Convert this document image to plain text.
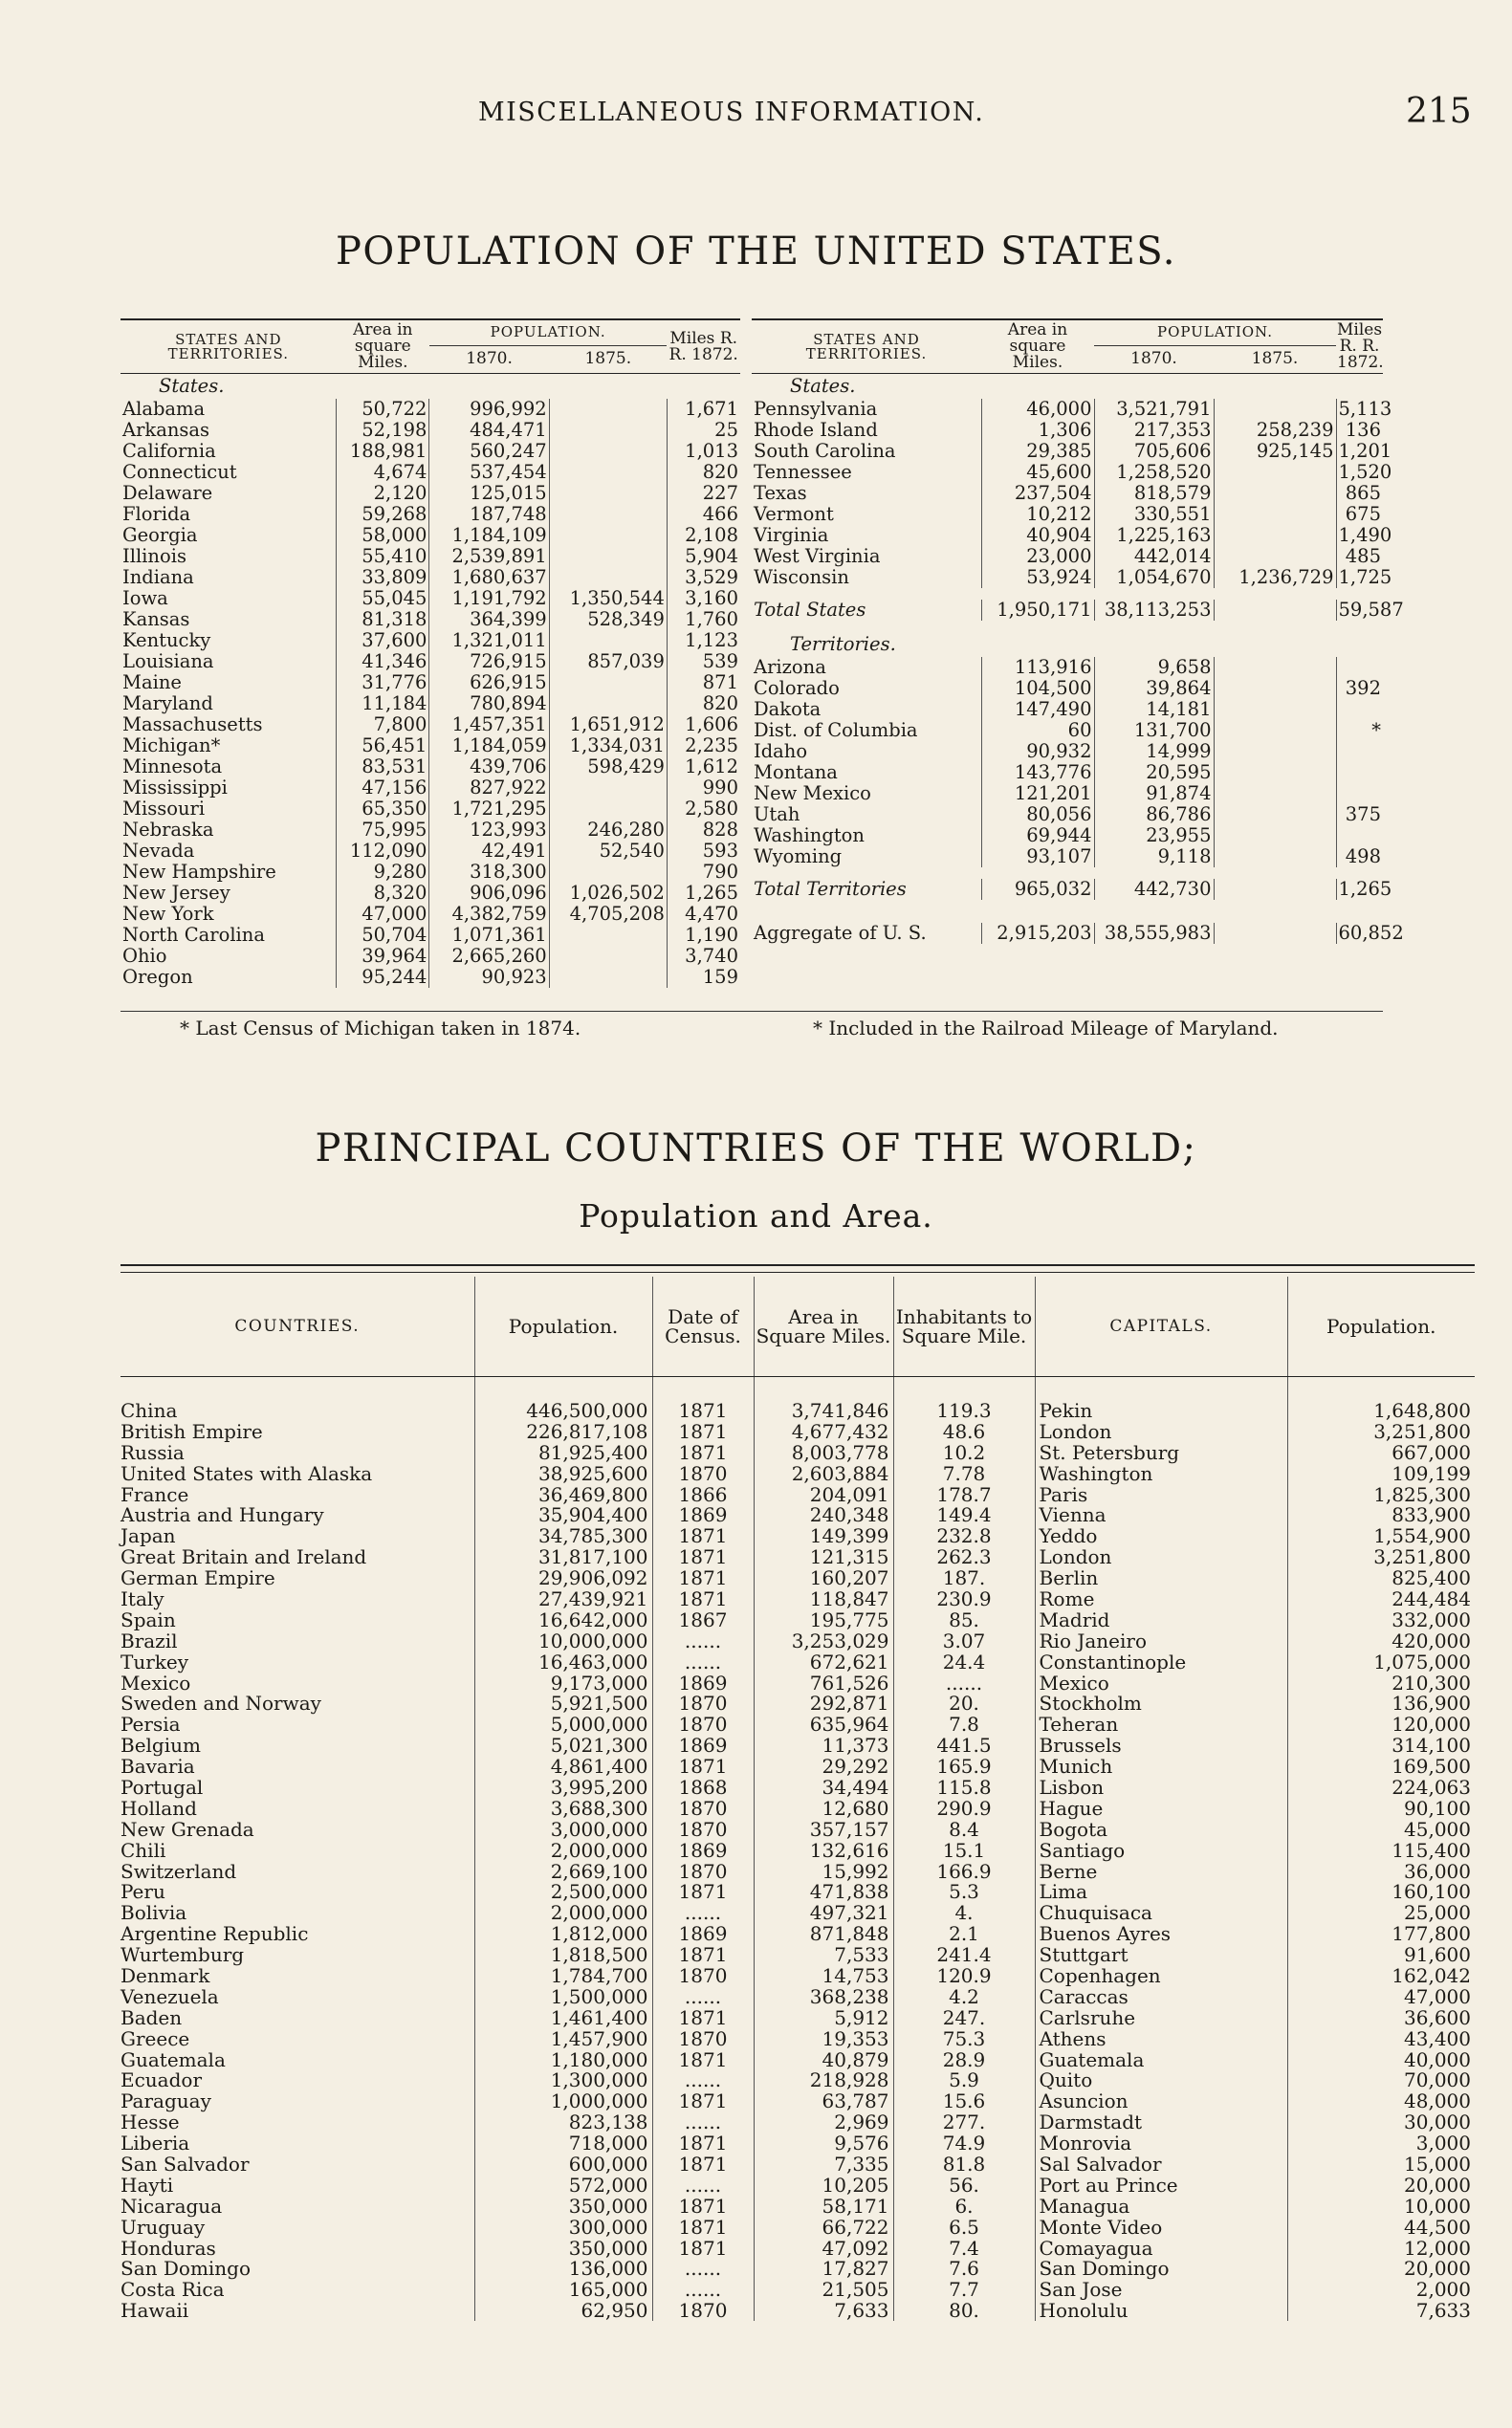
MISCELLANEOUS INFORMATION.	215
POPULATION OF THE UNITED STATES.
STATES AND TERRITORIES.	Area in square Miles.	POPULATION.		Miles R. R. 1872.
		1870.	1875.	
States.				
Alabama	50,722	996,992		1,671
Arkansas	52,198	484,471		25
California	188,981	560,247		1,013
Connecticut	4,674	537,454		820
Delaware	2,120	125,015		227
Florida	59,268	187,748		466
Georgia	58,000	1,184,109		2,108
Illinois	55,410	2,539,891		5,904
Indiana	33,809	1,680,637		3,529
Iowa	55,045	1,191,792	1,350,544	3,160
Kansas	81,318	364,399	528,349	1,760
Kentucky	37,600	1,321,011		1,123
Louisiana	41,346	726,915	857,039	539
Maine	31,776	626,915		871
Maryland	11,184	780,894		820
Massachusetts	7,800	1,457,351	1,651,912	1,606
Michigan*	56,451	1,184,059	1,334,031	2,235
Minnesota	83,531	439,706	598,429	1,612
Mississippi	47,156	827,922		990
Missouri	65,350	1,721,295		2,580
Nebraska	75,995	123,993	246,280	828
Nevada	112,090	42,491	52,540	593
New Hampshire	9,280	318,300		790
New Jersey	8,320	906,096	1,026,502	1,265
New York	47,000	4,382,759	4,705,208	4,470
North Carolina	50,704	1,071,361		1,190
Ohio	39,964	2,665,260		3,740
Oregon	95,244	90,923		159
STATES AND TERRITORIES.	Area in square Miles.	POPULATION.		Miles R. R. 1872.
		1870.	1875.	
States.				
Pennsylvania	46,000	3,521,791		5,113
Rhode Island	1,306	217,353	258,239	136
South Carolina	29,385	705,606	925,145	1,201
Tennessee	45,600	1,258,520		1,520
Texas	237,504	818,579		865
Vermont	10,212	330,551		675
Virginia	40,904	1,225,163		1,490
West Virginia	23,000	442,014		485
Wisconsin	53,924	1,054,670	1,236,729	1,725

Total States	1,950,171	38,113,253		59,587

Territories.				
Arizona	113,916	9,658		
Colorado	104,500	39,864		392
Dakota	147,490	14,181		
Dist. of Columbia	60	131,700		*
Idaho	90,932	14,999		
Montana	143,776	20,595		
New Mexico	121,201	91,874		
Utah	80,056	86,786		375
Washington	69,944	23,955		
Wyoming	93,107	9,118		498

Total Territories	965,032	442,730		1,265

Aggregate of U. S.	2,915,203	38,555,983		60,852
* Last Census of Michigan taken in 1874.	* Included in the Railroad Mileage of Maryland.
PRINCIPAL COUNTRIES OF THE WORLD;
Population and Area.
COUNTRIES.	Population.	Date of Census.	Area in Square Miles.	Inhabitants to Square Mile.	CAPITALS.	Population.

China	446,500,000	1871	3,741,846	119.3	Pekin	1,648,800
British Empire	226,817,108	1871	4,677,432	48.6	London	3,251,800
Russia	81,925,400	1871	8,003,778	10.2	St. Petersburg	667,000
United States with Alaska	38,925,600	1870	2,603,884	7.78	Washington	109,199
France	36,469,800	1866	204,091	178.7	Paris	1,825,300
Austria and Hungary	35,904,400	1869	240,348	149.4	Vienna	833,900
Japan	34,785,300	1871	149,399	232.8	Yeddo	1,554,900
Great Britain and Ireland	31,817,100	1871	121,315	262.3	London	3,251,800
German Empire	29,906,092	1871	160,207	187.	Berlin	825,400
Italy	27,439,921	1871	118,847	230.9	Rome	244,484
Spain	16,642,000	1867	195,775	85.	Madrid	332,000
Brazil	10,000,000	......	3,253,029	3.07	Rio Janeiro	420,000
Turkey	16,463,000	......	672,621	24.4	Constantinople	1,075,000
Mexico	9,173,000	1869	761,526	......	Mexico	210,300
Sweden and Norway	5,921,500	1870	292,871	20.	Stockholm	136,900
Persia	5,000,000	1870	635,964	7.8	Teheran	120,000
Belgium	5,021,300	1869	11,373	441.5	Brussels	314,100
Bavaria	4,861,400	1871	29,292	165.9	Munich	169,500
Portugal	3,995,200	1868	34,494	115.8	Lisbon	224,063
Holland	3,688,300	1870	12,680	290.9	Hague	90,100
New Grenada	3,000,000	1870	357,157	8.4	Bogota	45,000
Chili	2,000,000	1869	132,616	15.1	Santiago	115,400
Switzerland	2,669,100	1870	15,992	166.9	Berne	36,000
Peru	2,500,000	1871	471,838	5.3	Lima	160,100
Bolivia	2,000,000	......	497,321	4.	Chuquisaca	25,000
Argentine Republic	1,812,000	1869	871,848	2.1	Buenos Ayres	177,800
Wurtemburg	1,818,500	1871	7,533	241.4	Stuttgart	91,600
Denmark	1,784,700	1870	14,753	120.9	Copenhagen	162,042
Venezuela	1,500,000	......	368,238	4.2	Caraccas	47,000
Baden	1,461,400	1871	5,912	247.	Carlsruhe	36,600
Greece	1,457,900	1870	19,353	75.3	Athens	43,400
Guatemala	1,180,000	1871	40,879	28.9	Guatemala	40,000
Ecuador	1,300,000	......	218,928	5.9	Quito	70,000
Paraguay	1,000,000	1871	63,787	15.6	Asuncion	48,000
Hesse	823,138	......	2,969	277.	Darmstadt	30,000
Liberia	718,000	1871	9,576	74.9	Monrovia	3,000
San Salvador	600,000	1871	7,335	81.8	Sal Salvador	15,000
Hayti	572,000	......	10,205	56.	Port au Prince	20,000
Nicaragua	350,000	1871	58,171	6.	Managua	10,000
Uruguay	300,000	1871	66,722	6.5	Monte Video	44,500
Honduras	350,000	1871	47,092	7.4	Comayagua	12,000
San Domingo	136,000	......	17,827	7.6	San Domingo	20,000
Costa Rica	165,000	......	21,505	7.7	San Jose	2,000
Hawaii	62,950	1870	7,633	80.	Honolulu	7,633
